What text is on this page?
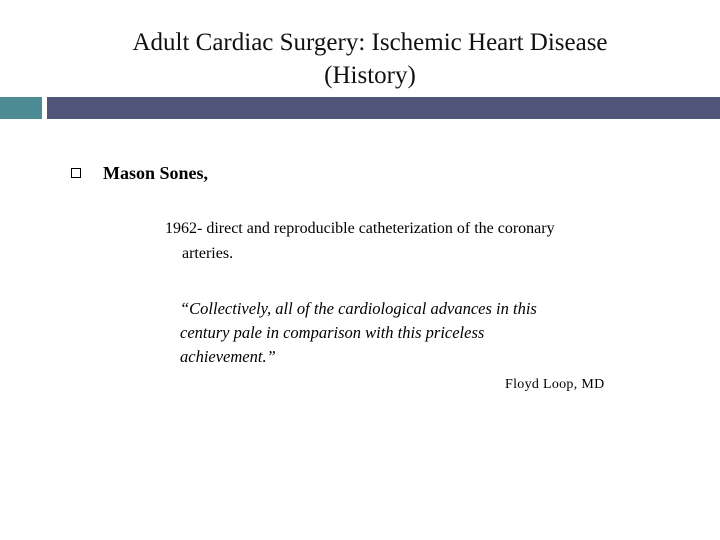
Adult Cardiac Surgery: Ischemic Heart Disease
(History)
Mason Sones,
1962- direct and reproducible catheterization of the coronary
arteries.
“Collectively, all of the cardiological advances in this
century pale in comparison with this priceless
achievement.”
Floyd Loop, MD
